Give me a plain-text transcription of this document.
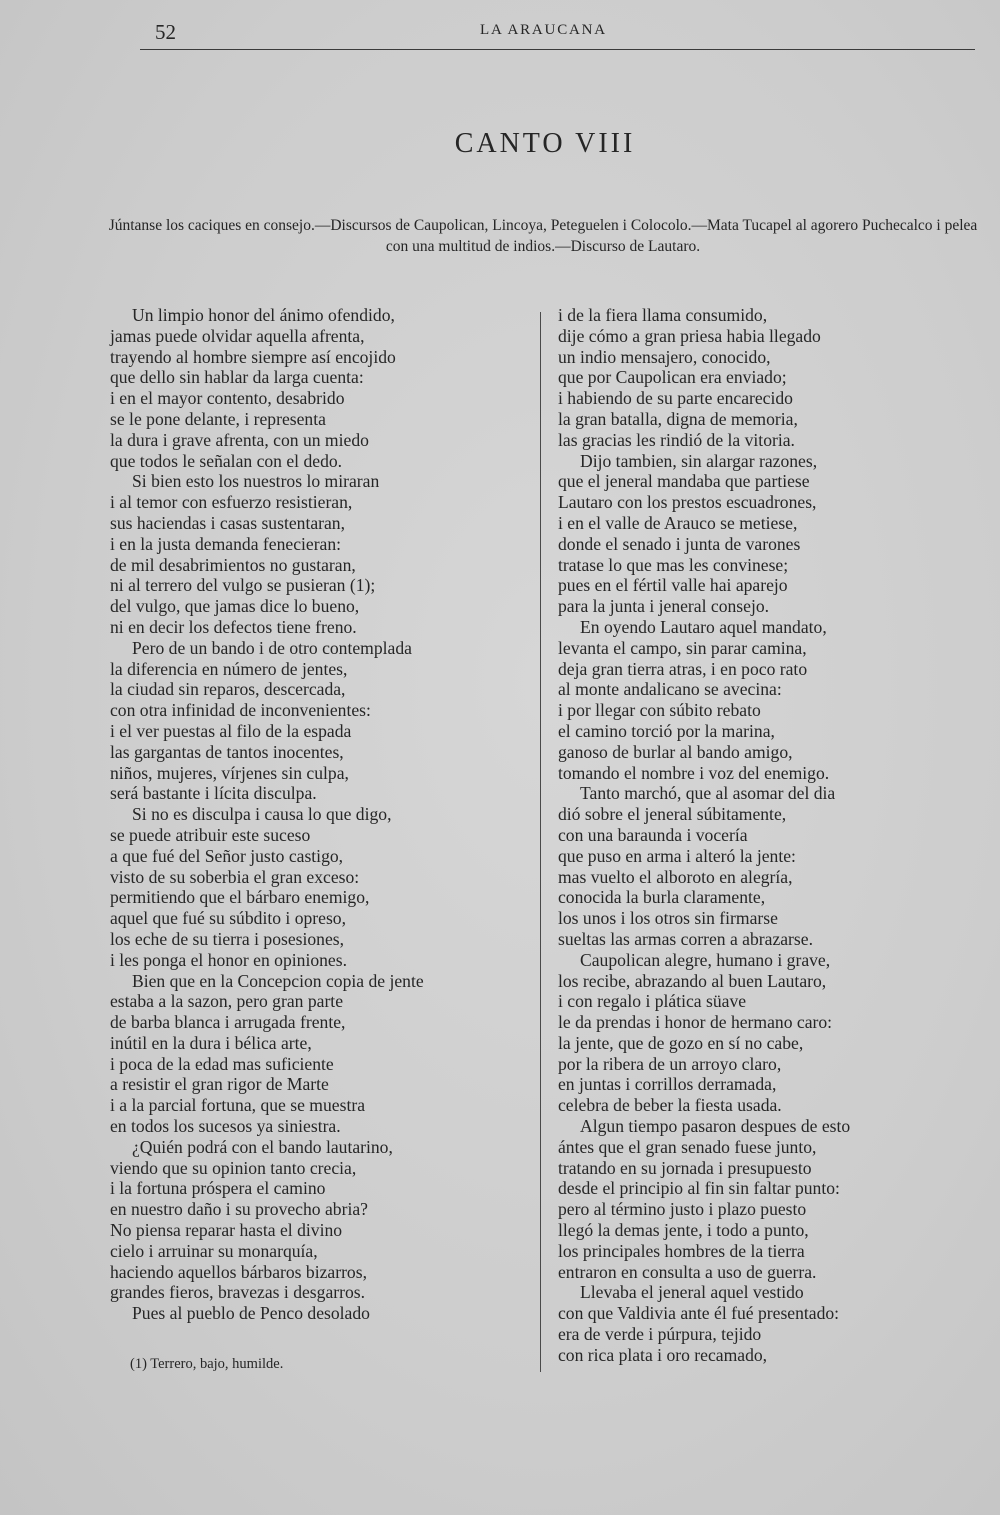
52	LA ARAUCANA
CANTO VIII
Júntanse los caciques en consejo.—Discursos de Caupolican, Lincoya, Peteguelen i Colocolo.—Mata Tucapel al agorero Puchecalco i pelea con una multitud de indios.—Discurso de Lautaro.
Un limpio honor del ánimo ofendido,
jamas puede olvidar aquella afrenta,
trayendo al hombre siempre así encojido
que dello sin hablar da larga cuenta:
i en el mayor contento, desabrido
se le pone delante, i representa
la dura i grave afrenta, con un miedo
que todos le señalan con el dedo.
Si bien esto los nuestros lo miraran
i al temor con esfuerzo resistieran,
sus haciendas i casas sustentaran,
i en la justa demanda fenecieran:
de mil desabrimientos no gustaran,
ni al terrero del vulgo se pusieran (1);
del vulgo, que jamas dice lo bueno,
ni en decir los defectos tiene freno.
Pero de un bando i de otro contemplada
la diferencia en número de jentes,
la ciudad sin reparos, descercada,
con otra infinidad de inconvenientes:
i el ver puestas al filo de la espada
las gargantas de tantos inocentes,
niños, mujeres, vírjenes sin culpa,
será bastante i lícita disculpa.
Si no es disculpa i causa lo que digo,
se puede atribuir este suceso
a que fué del Señor justo castigo,
visto de su soberbia el gran exceso:
permitiendo que el bárbaro enemigo,
aquel que fué su súbdito i opreso,
los eche de su tierra i posesiones,
i les ponga el honor en opiniones.
Bien que en la Concepcion copia de jente
estaba a la sazon, pero gran parte
de barba blanca i arrugada frente,
inútil en la dura i bélica arte,
i poca de la edad mas suficiente
a resistir el gran rigor de Marte
i a la parcial fortuna, que se muestra
en todos los sucesos ya siniestra.
¿Quién podrá con el bando lautarino,
viendo que su opinion tanto crecia,
i la fortuna próspera el camino
en nuestro daño i su provecho abria?
No piensa reparar hasta el divino
cielo i arruinar su monarquía,
haciendo aquellos bárbaros bizarros,
grandes fieros, bravezas i desgarros.
Pues al pueblo de Penco desolado
i de la fiera llama consumido,
dije cómo a gran priesa habia llegado
un indio mensajero, conocido,
que por Caupolican era enviado;
i habiendo de su parte encarecido
la gran batalla, digna de memoria,
las gracias les rindió de la vitoria.
Dijo tambien, sin alargar razones,
que el jeneral mandaba que partiese
Lautaro con los prestos escuadrones,
i en el valle de Arauco se metiese,
donde el senado i junta de varones
tratase lo que mas les convinese;
pues en el fértil valle hai aparejo
para la junta i jeneral consejo.
En oyendo Lautaro aquel mandato,
levanta el campo, sin parar camina,
deja gran tierra atras, i en poco rato
al monte andalicano se avecina:
i por llegar con súbito rebato
el camino torció por la marina,
ganoso de burlar al bando amigo,
tomando el nombre i voz del enemigo.
Tanto marchó, que al asomar del dia
dió sobre el jeneral súbitamente,
con una baraunda i vocería
que puso en arma i alteró la jente:
mas vuelto el alboroto en alegría,
conocida la burla claramente,
los unos i los otros sin firmarse
sueltas las armas corren a abrazarse.
Caupolican alegre, humano i grave,
los recibe, abrazando al buen Lautaro,
i con regalo i plática süave
le da prendas i honor de hermano caro:
la jente, que de gozo en sí no cabe,
por la ribera de un arroyo claro,
en juntas i corrillos derramada,
celebra de beber la fiesta usada.
Algun tiempo pasaron despues de esto
ántes que el gran senado fuese junto,
tratando en su jornada i presupuesto
desde el principio al fin sin faltar punto:
pero al término justo i plazo puesto
llegó la demas jente, i todo a punto,
los principales hombres de la tierra
entraron en consulta a uso de guerra.
Llevaba el jeneral aquel vestido
con que Valdivia ante él fué presentado:
era de verde i púrpura, tejido
con rica plata i oro recamado,
(1) Terrero, bajo, humilde.
